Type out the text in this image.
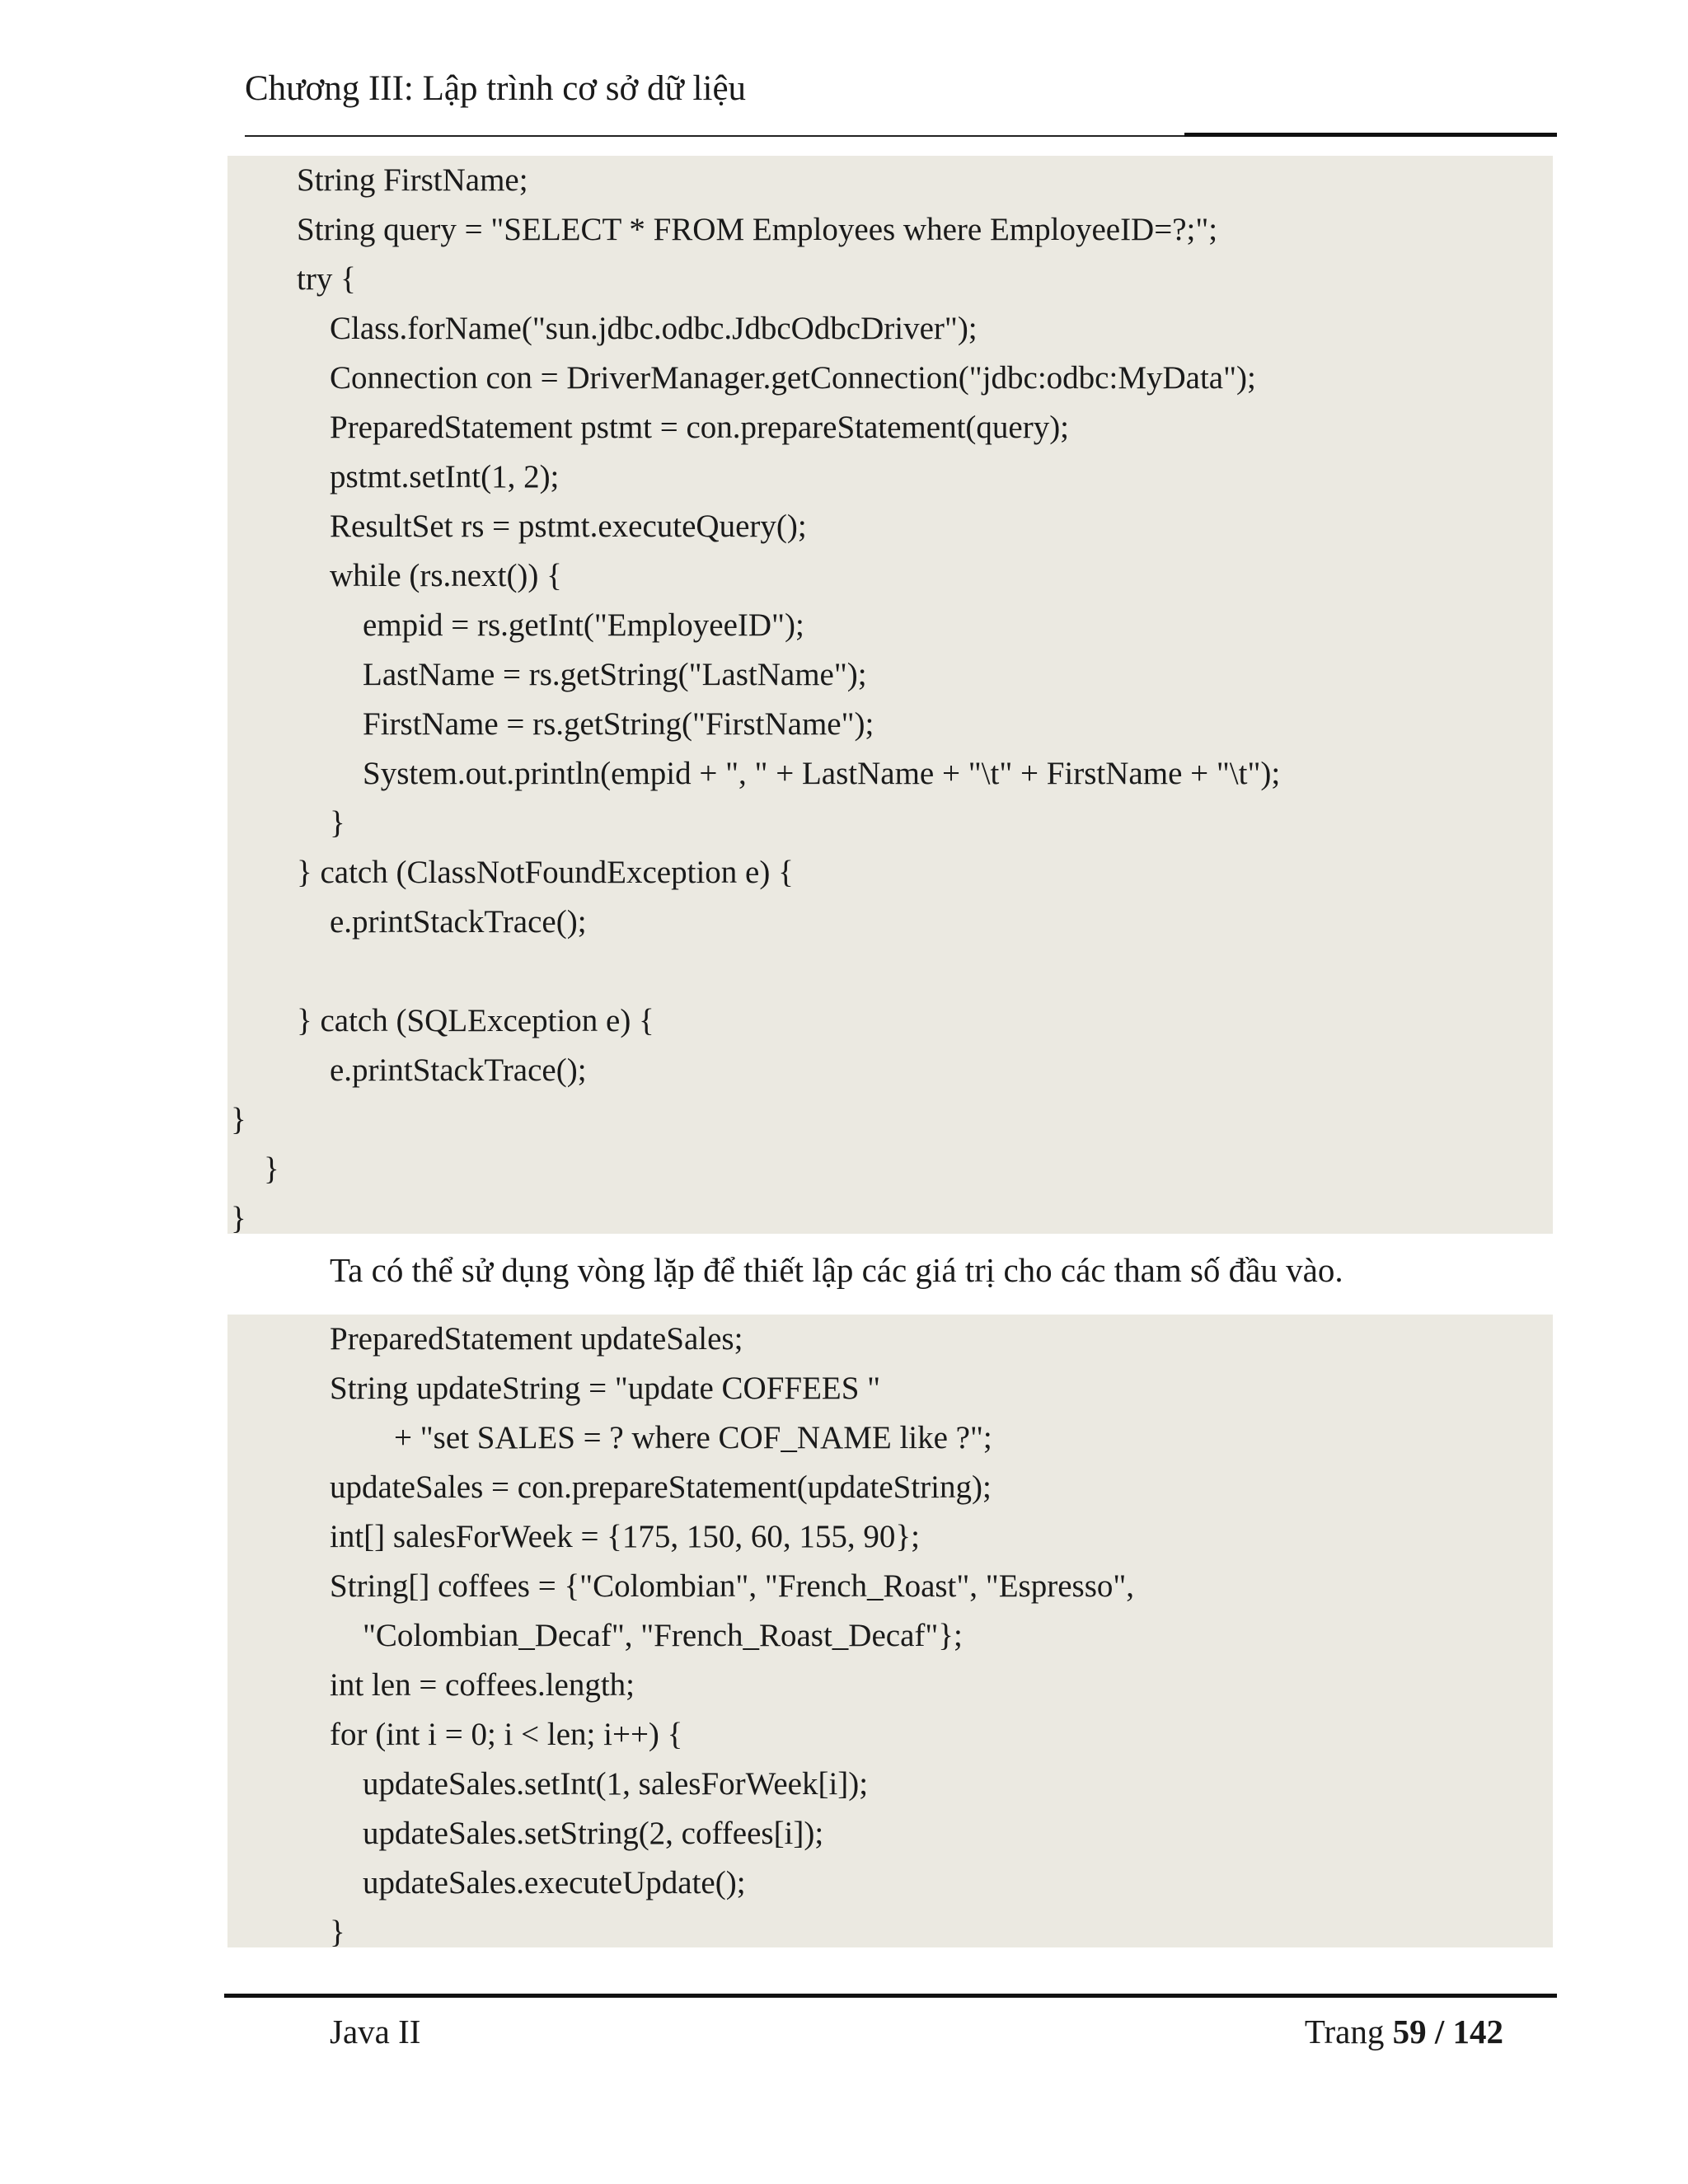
Chương III: Lập trình cơ sở dữ liệu
String FirstName;
String query = "SELECT * FROM Employees where EmployeeID=?;";
try {
Class.forName("sun.jdbc.odbc.JdbcOdbcDriver");
Connection con = DriverManager.getConnection("jdbc:odbc:MyData");
PreparedStatement pstmt = con.prepareStatement(query);
pstmt.setInt(1, 2);
ResultSet rs = pstmt.executeQuery();
while (rs.next()) {
empid = rs.getInt("EmployeeID");
LastName = rs.getString("LastName");
FirstName = rs.getString("FirstName");
System.out.println(empid + ", " + LastName + "\t" + FirstName + "\t");
}
} catch (ClassNotFoundException e) {
e.printStackTrace();
} catch (SQLException e) {
e.printStackTrace();
}
}
}
Ta có thể sử dụng vòng lặp để thiết lập các giá trị cho các tham số đầu vào.
PreparedStatement updateSales;
String updateString = "update COFFEES "
+ "set SALES = ? where COF_NAME like ?";
updateSales = con.prepareStatement(updateString);
int[] salesForWeek = {175, 150, 60, 155, 90};
String[] coffees = {"Colombian", "French_Roast", "Espresso",
"Colombian_Decaf", "French_Roast_Decaf"};
int len = coffees.length;
for (int i = 0; i < len; i++) {
updateSales.setInt(1, salesForWeek[i]);
updateSales.setString(2, coffees[i]);
updateSales.executeUpdate();
}
Java II	Trang 59 / 142
